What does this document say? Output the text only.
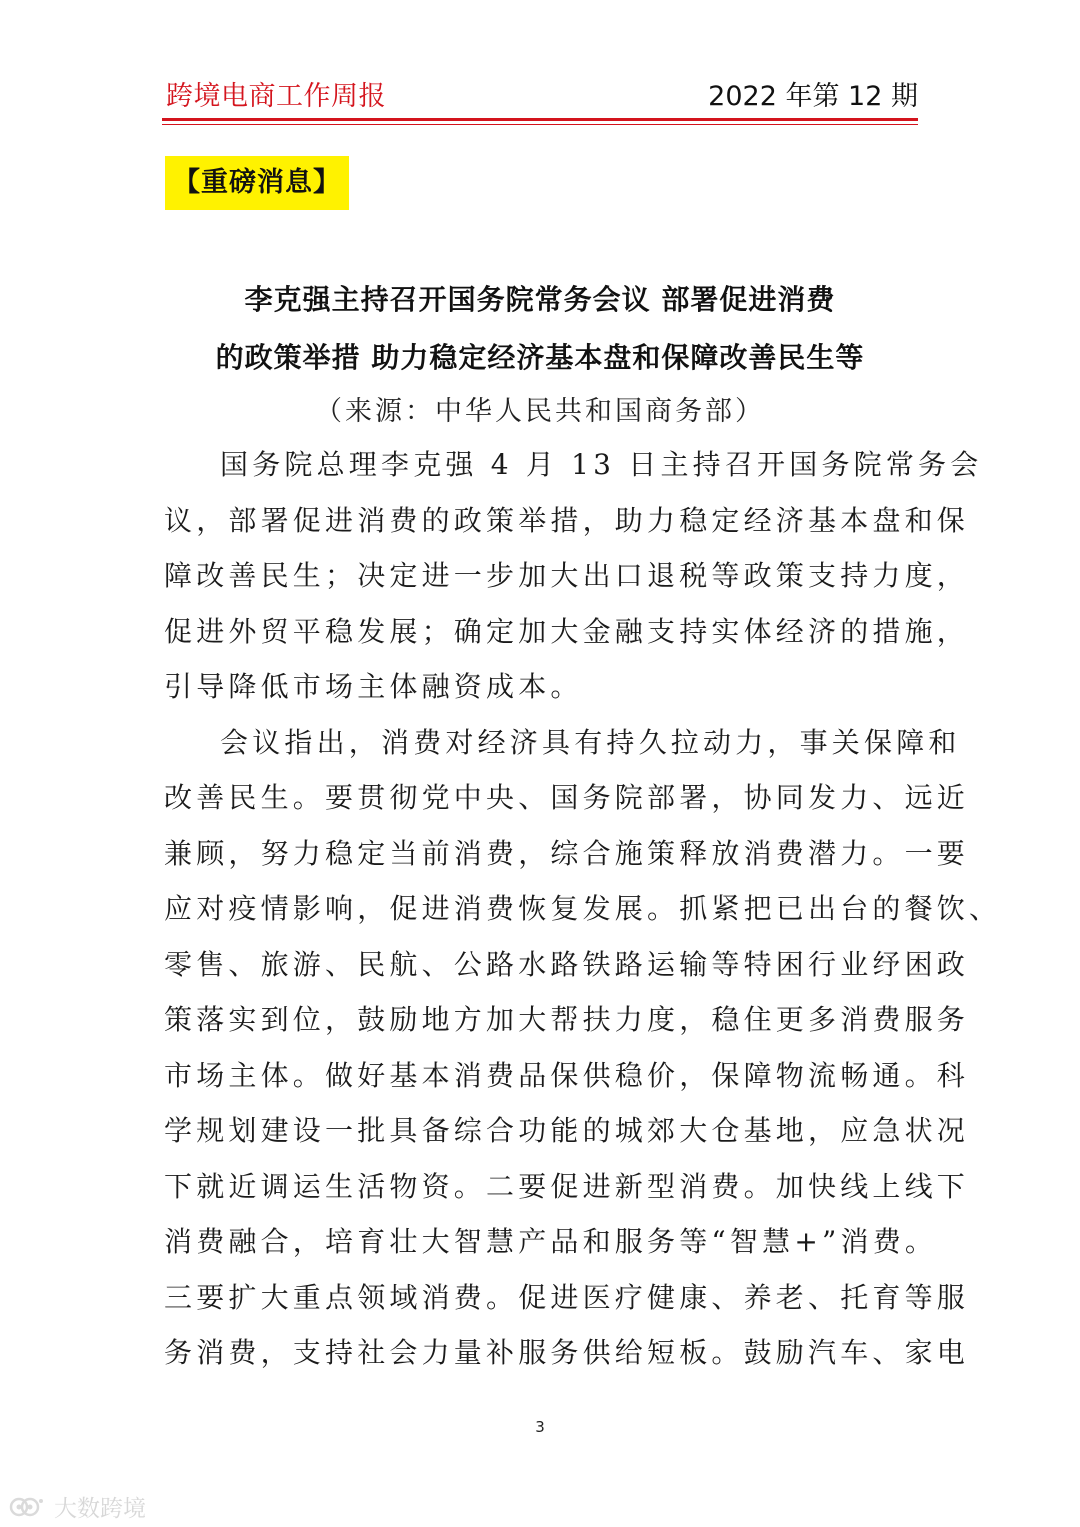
跨境电商工作周报	2022 年第 12 期
【重磅消息】
李克强主持召开国务院常务会议 部署促进消费
的政策举措 助力稳定经济基本盘和保障改善民生等
（来源：中华人民共和国商务部）
国务院总理李克强 4 月 13 日主持召开国务院常务会
议，部署促进消费的政策举措，助力稳定经济基本盘和保
障改善民生；决定进一步加大出口退税等政策支持力度，
促进外贸平稳发展；确定加大金融支持实体经济的措施，
引导降低市场主体融资成本。
会议指出，消费对经济具有持久拉动力，事关保障和
改善民生。要贯彻党中央、国务院部署，协同发力、远近
兼顾，努力稳定当前消费，综合施策释放消费潜力。一要
应对疫情影响，促进消费恢复发展。抓紧把已出台的餐饮、
零售、旅游、民航、公路水路铁路运输等特困行业纾困政
策落实到位，鼓励地方加大帮扶力度，稳住更多消费服务
市场主体。做好基本消费品保供稳价，保障物流畅通。科
学规划建设一批具备综合功能的城郊大仓基地，应急状况
下就近调运生活物资。二要促进新型消费。加快线上线下
消费融合，培育壮大智慧产品和服务等“智慧+”消费。
三要扩大重点领域消费。促进医疗健康、养老、托育等服
务消费，支持社会力量补服务供给短板。鼓励汽车、家电
3
大数跨境
